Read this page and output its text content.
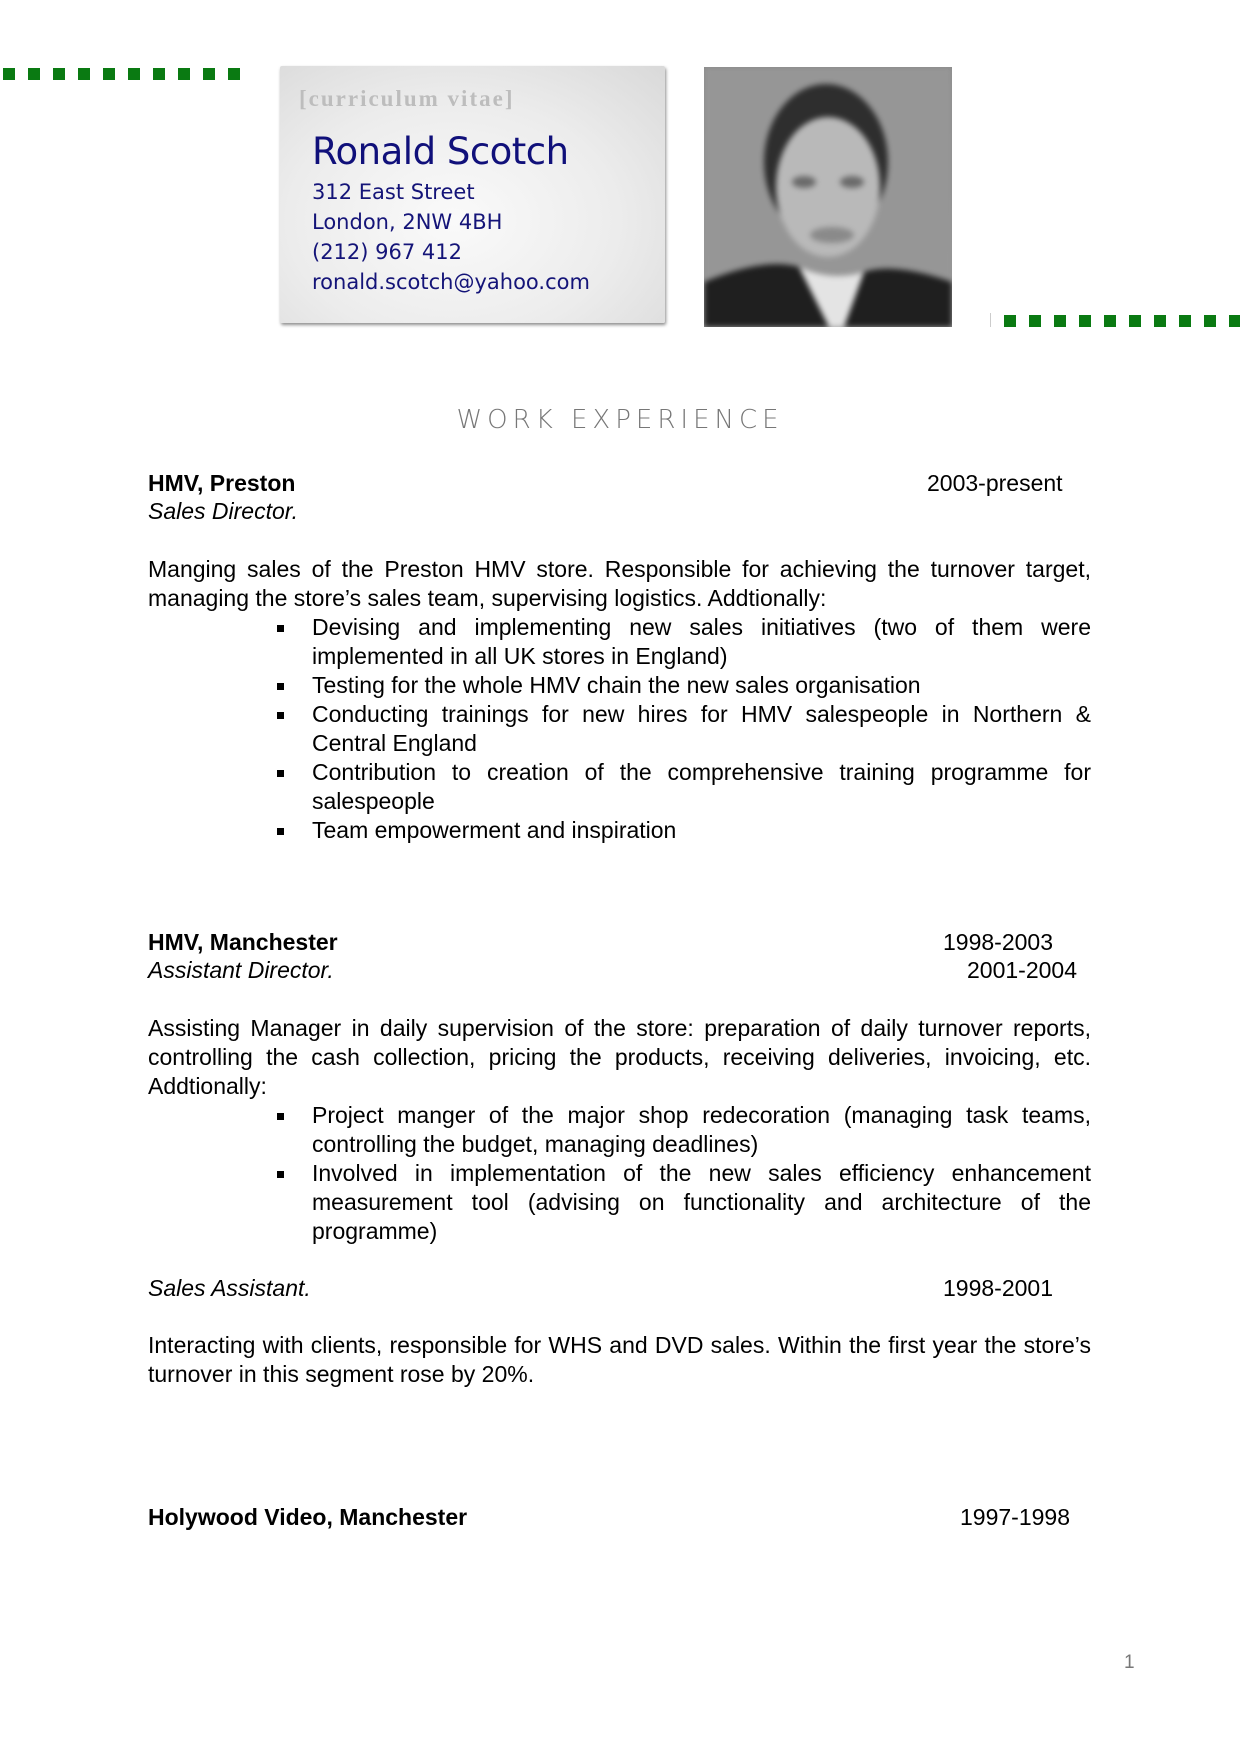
[curriculum vitae]
Ronald Scotch
312 East Street
London, 2NW 4BH
(212) 967 412
ronald.scotch@yahoo.com
WORK EXPERIENCE
HMV, Preston	2003-present
Sales Director.
Manging sales of the Preston HMV store. Responsible for achieving the turnover target, managing the store’s sales team, supervising logistics. Addtionally:
Devising and implementing new sales initiatives (two of them were implemented in all UK stores in England)
Testing for the whole HMV chain the new sales organisation
Conducting trainings for new hires for HMV salespeople in Northern & Central England
Contribution to creation of the comprehensive training programme for salespeople
Team empowerment and inspiration
HMV, Manchester	1998-2003
Assistant Director.	2001-2004
Assisting Manager in daily supervision of the store: preparation of daily turnover reports, controlling the cash collection, pricing the products, receiving deliveries, invoicing, etc. Addtionally:
Project manger of the major shop redecoration (managing task teams, controlling the budget, managing deadlines)
Involved in implementation of the new sales efficiency enhancement measurement tool (advising on functionality and architecture of the programme)
Sales Assistant.	1998-2001
Interacting with clients, responsible for WHS and DVD sales. Within the first year the store’s turnover in this segment rose by 20%.
Holywood Video, Manchester	1997-1998
1
